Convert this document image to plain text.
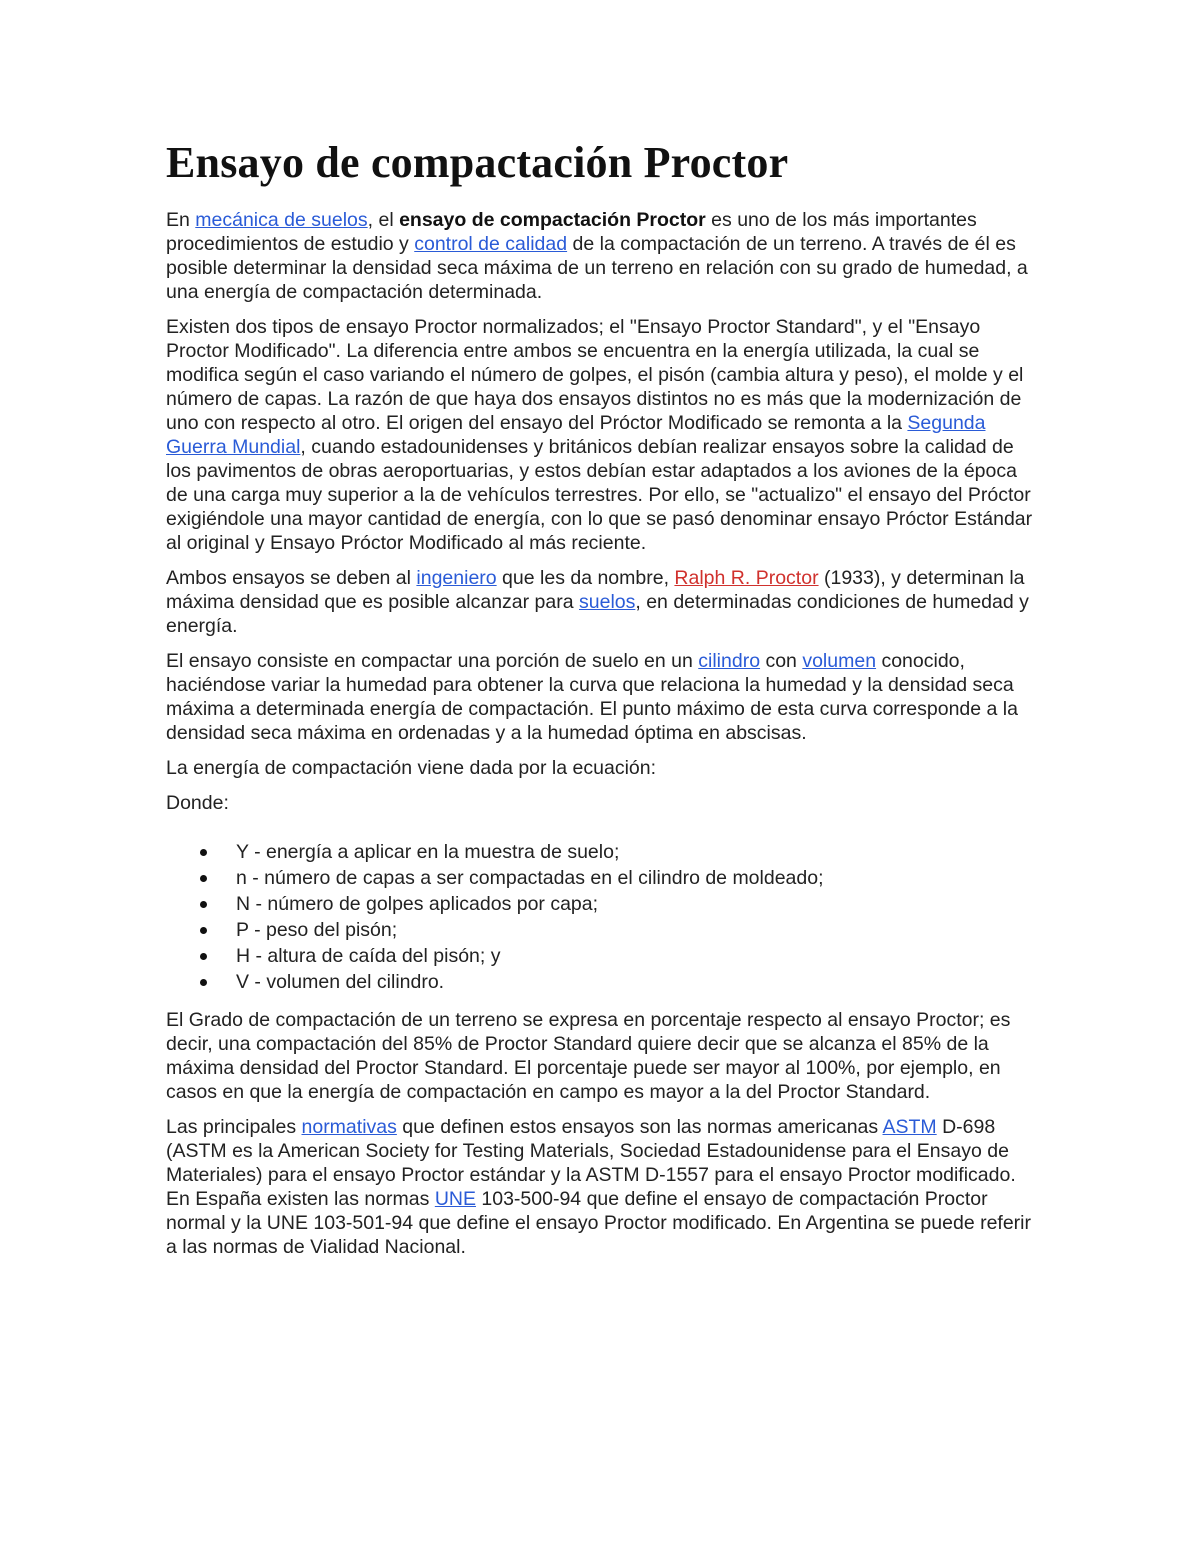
Ensayo de compactación Proctor

En mecánica de suelos, el ensayo de compactación Proctor es uno de los más importantes procedimientos de estudio y control de calidad de la compactación de un terreno. A través de él es posible determinar la densidad seca máxima de un terreno en relación con su grado de humedad, a una energía de compactación determinada.

Existen dos tipos de ensayo Proctor normalizados; el "Ensayo Proctor Standard", y el "Ensayo Proctor Modificado". La diferencia entre ambos se encuentra en la energía utilizada, la cual se modifica según el caso variando el número de golpes, el pisón (cambia altura y peso), el molde y el número de capas. La razón de que haya dos ensayos distintos no es más que la modernización de uno con respecto al otro. El origen del ensayo del Próctor Modificado se remonta a la Segunda Guerra Mundial, cuando estadounidenses y británicos debían realizar ensayos sobre la calidad de los pavimentos de obras aeroportuarias, y estos debían estar adaptados a los aviones de la época de una carga muy superior a la de vehículos terrestres. Por ello, se "actualizo" el ensayo del Próctor exigiéndole una mayor cantidad de energía, con lo que se pasó denominar ensayo Próctor Estándar al original y Ensayo Próctor Modificado al más reciente.

Ambos ensayos se deben al ingeniero que les da nombre, Ralph R. Proctor (1933), y determinan la máxima densidad que es posible alcanzar para suelos, en determinadas condiciones de humedad y energía.

El ensayo consiste en compactar una porción de suelo en un cilindro con volumen conocido, haciéndose variar la humedad para obtener la curva que relaciona la humedad y la densidad seca máxima a determinada energía de compactación. El punto máximo de esta curva corresponde a la densidad seca máxima en ordenadas y a la humedad óptima en abscisas.

La energía de compactación viene dada por la ecuación:

Donde:

Y - energía a aplicar en la muestra de suelo;
n - número de capas a ser compactadas en el cilindro de moldeado;
N - número de golpes aplicados por capa;
P - peso del pisón;
H - altura de caída del pisón; y
V - volumen del cilindro.

El Grado de compactación de un terreno se expresa en porcentaje respecto al ensayo Proctor; es decir, una compactación del 85% de Proctor Standard quiere decir que se alcanza el 85% de la máxima densidad del Proctor Standard. El porcentaje puede ser mayor al 100%, por ejemplo, en casos en que la energía de compactación en campo es mayor a la del Proctor Standard.

Las principales normativas que definen estos ensayos son las normas americanas ASTM D-698 (ASTM es la American Society for Testing Materials, Sociedad Estadounidense para el Ensayo de Materiales) para el ensayo Proctor estándar y la ASTM D-1557 para el ensayo Proctor modificado. En España existen las normas UNE 103-500-94 que define el ensayo de compactación Proctor normal y la UNE 103-501-94 que define el ensayo Proctor modificado. En Argentina se puede referir a las normas de Vialidad Nacional.
